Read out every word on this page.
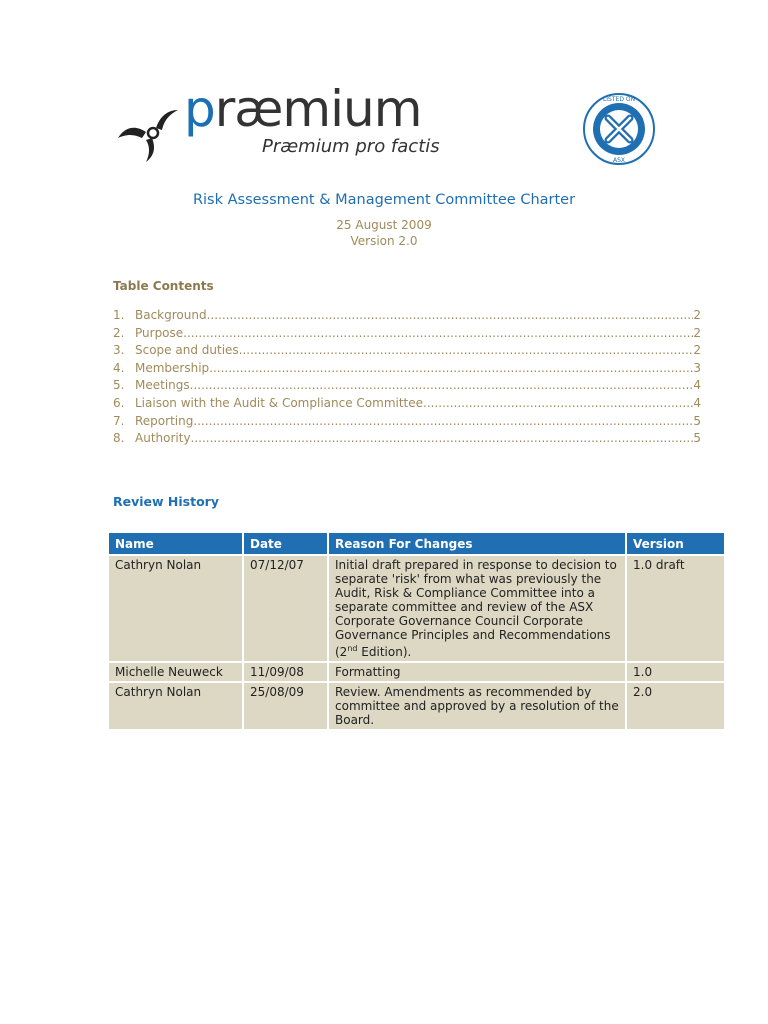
præmium
Præmium pro factis
LISTED ON
ASX
Risk Assessment & Management Committee Charter
25 August 2009
Version 2.0
Table Contents
1. Background .....	2
2. Purpose .....	2
3. Scope and duties .....	2
4. Membership .....	3
5. Meetings .....	4
6. Liaison with the Audit & Compliance Committee .....	4
7. Reporting .....	5
8. Authority .....	5
Review History
Name	Date	Reason For Changes	Version
Cathryn Nolan	07/12/07	Initial draft prepared in response to decision to separate 'risk' from what was previously the Audit, Risk & Compliance Committee into a separate committee and review of the ASX Corporate Governance Council Corporate Governance Principles and Recommendations (2nd Edition).	1.0 draft
Michelle Neuweck	11/09/08	Formatting	1.0
Cathryn Nolan	25/08/09	Review. Amendments as recommended by committee and approved by a resolution of the Board.	2.0
